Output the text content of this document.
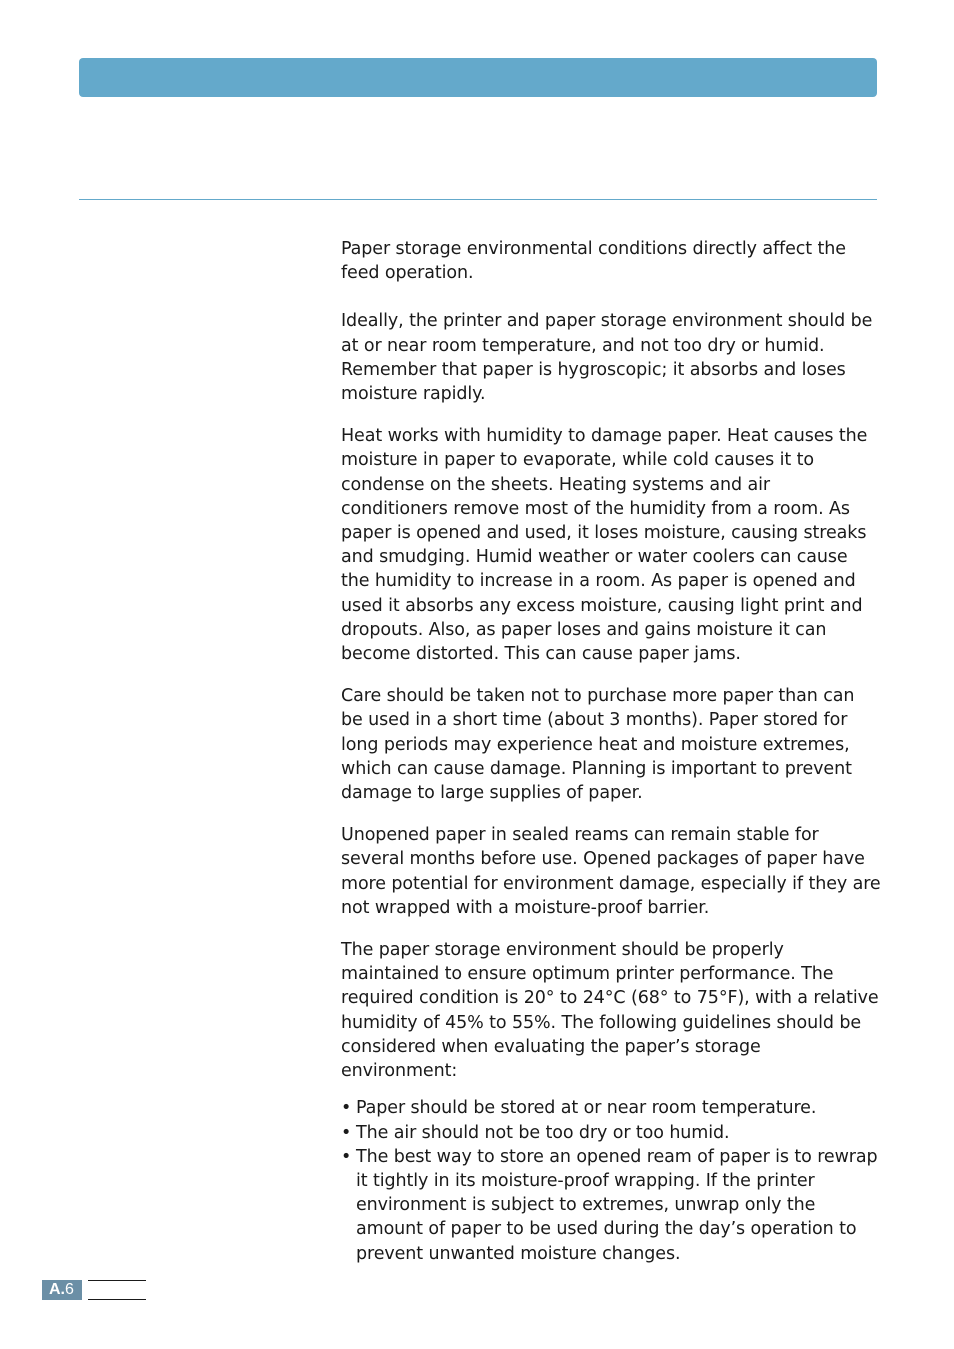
Paper storage environmental conditions directly affect the feed operation.

Ideally, the printer and paper storage environment should be at or near room temperature, and not too dry or humid. Remember that paper is hygroscopic; it absorbs and loses moisture rapidly.

Heat works with humidity to damage paper. Heat causes the moisture in paper to evaporate, while cold causes it to condense on the sheets. Heating systems and air conditioners remove most of the humidity from a room. As paper is opened and used, it loses moisture, causing streaks and smudging. Humid weather or water coolers can cause the humidity to increase in a room. As paper is opened and used it absorbs any excess moisture, causing light print and dropouts. Also, as paper loses and gains moisture it can become distorted. This can cause paper jams.

Care should be taken not to purchase more paper than can be used in a short time (about 3 months). Paper stored for long periods may experience heat and moisture extremes, which can cause damage. Planning is important to prevent damage to large supplies of paper.

Unopened paper in sealed reams can remain stable for several months before use. Opened packages of paper have more potential for environment damage, especially if they are not wrapped with a moisture-proof barrier.

The paper storage environment should be properly maintained to ensure optimum printer performance. The required condition is 20° to 24°C (68° to 75°F), with a relative humidity of 45% to 55%. The following guidelines should be considered when evaluating the paper’s storage environment:

• Paper should be stored at or near room temperature.
• The air should not be too dry or too humid.
• The best way to store an opened ream of paper is to rewrap it tightly in its moisture-proof wrapping. If the printer environment is subject to extremes, unwrap only the amount of paper to be used during the day’s operation to prevent unwanted moisture changes.
A.6
